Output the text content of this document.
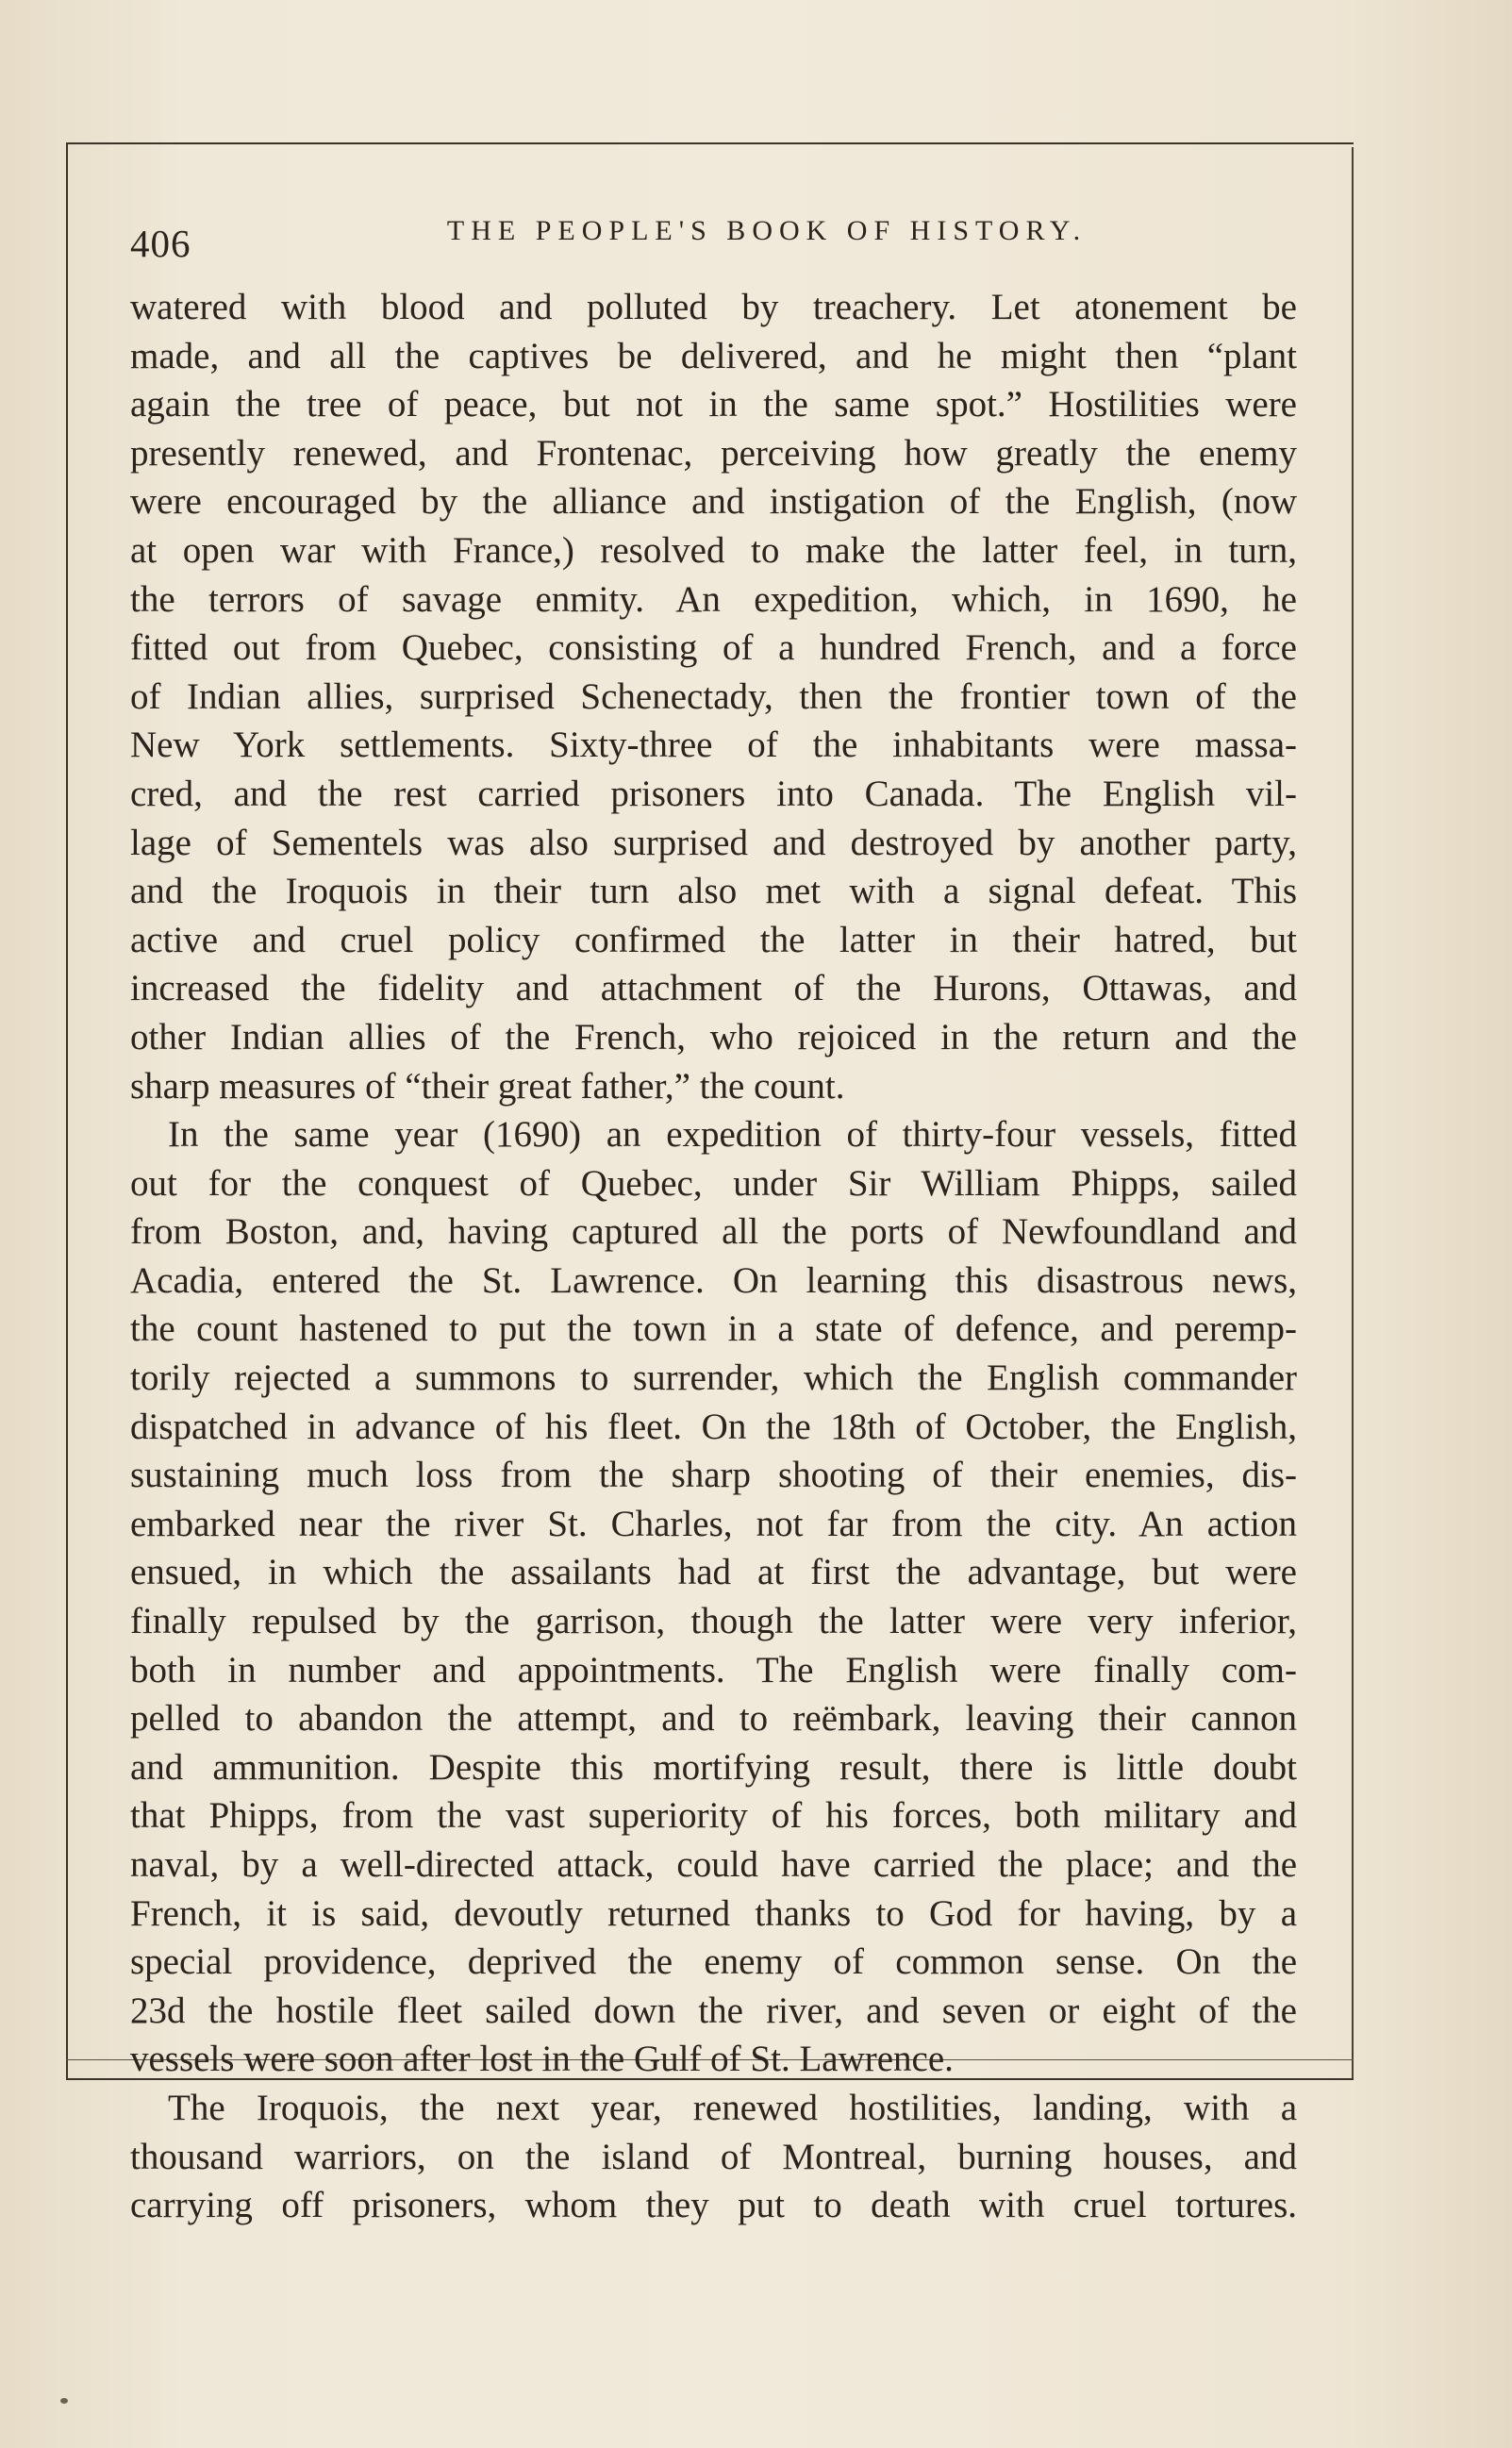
406	THE PEOPLE'S BOOK OF HISTORY.

watered with blood and polluted by treachery. Let atonement be
made, and all the captives be delivered, and he might then “plant
again the tree of peace, but not in the same spot.” Hostilities were
presently renewed, and Frontenac, perceiving how greatly the enemy
were encouraged by the alliance and instigation of the English, (now
at open war with France,) resolved to make the latter feel, in turn,
the terrors of savage enmity. An expedition, which, in 1690, he
fitted out from Quebec, consisting of a hundred French, and a force
of Indian allies, surprised Schenectady, then the frontier town of the
New York settlements. Sixty-three of the inhabitants were massa-
cred, and the rest carried prisoners into Canada. The English vil-
lage of Sementels was also surprised and destroyed by another party,
and the Iroquois in their turn also met with a signal defeat. This
active and cruel policy confirmed the latter in their hatred, but
increased the fidelity and attachment of the Hurons, Ottawas, and
other Indian allies of the French, who rejoiced in the return and the
sharp measures of “their great father,” the count.

In the same year (1690) an expedition of thirty-four vessels, fitted
out for the conquest of Quebec, under Sir William Phipps, sailed
from Boston, and, having captured all the ports of Newfoundland and
Acadia, entered the St. Lawrence. On learning this disastrous news,
the count hastened to put the town in a state of defence, and peremp-
torily rejected a summons to surrender, which the English commander
dispatched in advance of his fleet. On the 18th of October, the English,
sustaining much loss from the sharp shooting of their enemies, dis-
embarked near the river St. Charles, not far from the city. An action
ensued, in which the assailants had at first the advantage, but were
finally repulsed by the garrison, though the latter were very inferior,
both in number and appointments. The English were finally com-
pelled to abandon the attempt, and to reëmbark, leaving their cannon
and ammunition. Despite this mortifying result, there is little doubt
that Phipps, from the vast superiority of his forces, both military and
naval, by a well-directed attack, could have carried the place; and the
French, it is said, devoutly returned thanks to God for having, by a
special providence, deprived the enemy of common sense. On the
23d the hostile fleet sailed down the river, and seven or eight of the
vessels were soon after lost in the Gulf of St. Lawrence.

The Iroquois, the next year, renewed hostilities, landing, with a
thousand warriors, on the island of Montreal, burning houses, and
carrying off prisoners, whom they put to death with cruel tortures.
